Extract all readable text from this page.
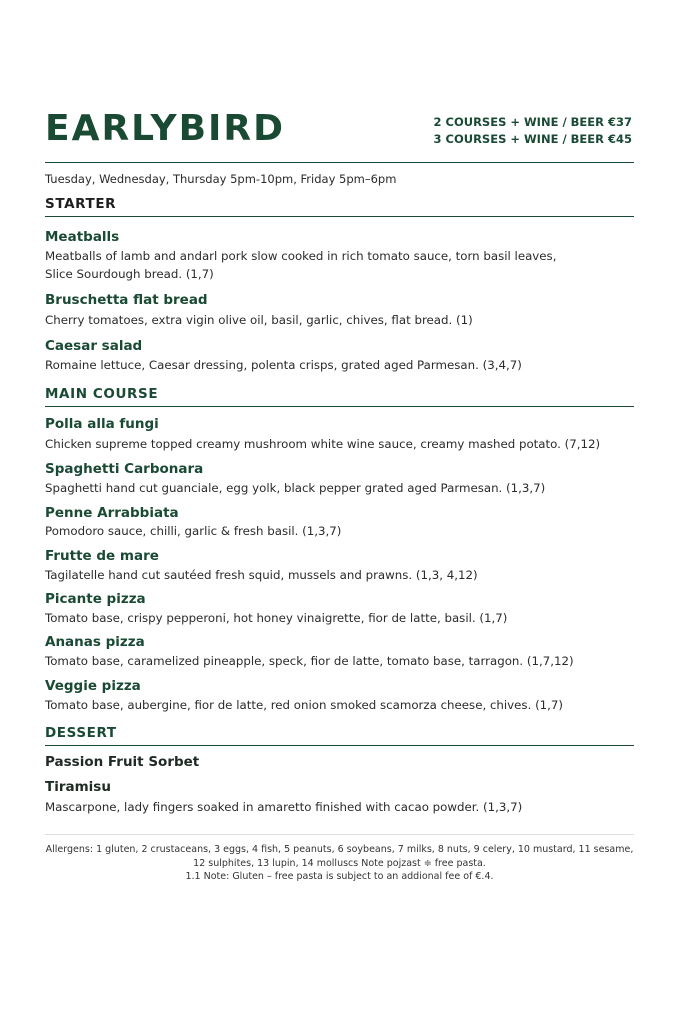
EARLYBIRD	2 COURSES + WINE / BEER €37
3 COURSES + WINE / BEER €45
Tuesday, Wednesday, Thursday 5pm-10pm, Friday 5pm–6pm
STARTER
Meatballs
Meatballs of lamb and andarl pork slow cooked in rich tomato sauce, torn basil leaves,
Slice Sourdough bread. (1,7)
Bruschetta flat bread
Cherry tomatoes, extra vigin olive oil, basil, garlic, chives, flat bread. (1)
Caesar salad
Romaine lettuce, Caesar dressing, polenta crisps, grated aged Parmesan. (3,4,7)
MAIN COURSE
Polla alla fungi
Chicken supreme topped creamy mushroom white wine sauce, creamy mashed potato. (7,12)
Spaghetti Carbonara
Spaghetti hand cut guanciale, egg yolk, black pepper grated aged Parmesan. (1,3,7)
Penne Arrabbiata
Pomodoro sauce, chilli, garlic & fresh basil. (1,3,7)
Frutte de mare
Tagilatelle hand cut sautéed fresh squid, mussels and prawns. (1,3, 4,12)
Picante pizza
Tomato base, crispy pepperoni, hot honey vinaigrette, fior de latte, basil. (1,7)
Ananas pizza
Tomato base, caramelized pineapple, speck, fior de latte, tomato base, tarragon. (1,7,12)
Veggie pizza
Tomato base, aubergine, fior de latte, red onion smoked scamorza cheese, chives. (1,7)
DESSERT
Passion Fruit Sorbet
Tiramisu
Mascarpone, lady fingers soaked in amaretto finished with cacao powder. (1,3,7)
Allergens: 1 gluten, 2 crustaceans, 3 eggs, 4 fish, 5 peanuts, 6 soybeans, 7 milks, 8 nuts, 9 celery, 10 mustard, 11 sesame,
12 sulphites, 13 lupin, 14 molluscs Note pojzast ≑ free pasta.
1.1 Note: Gluten – free pasta is subject to an addional fee of €.4.
